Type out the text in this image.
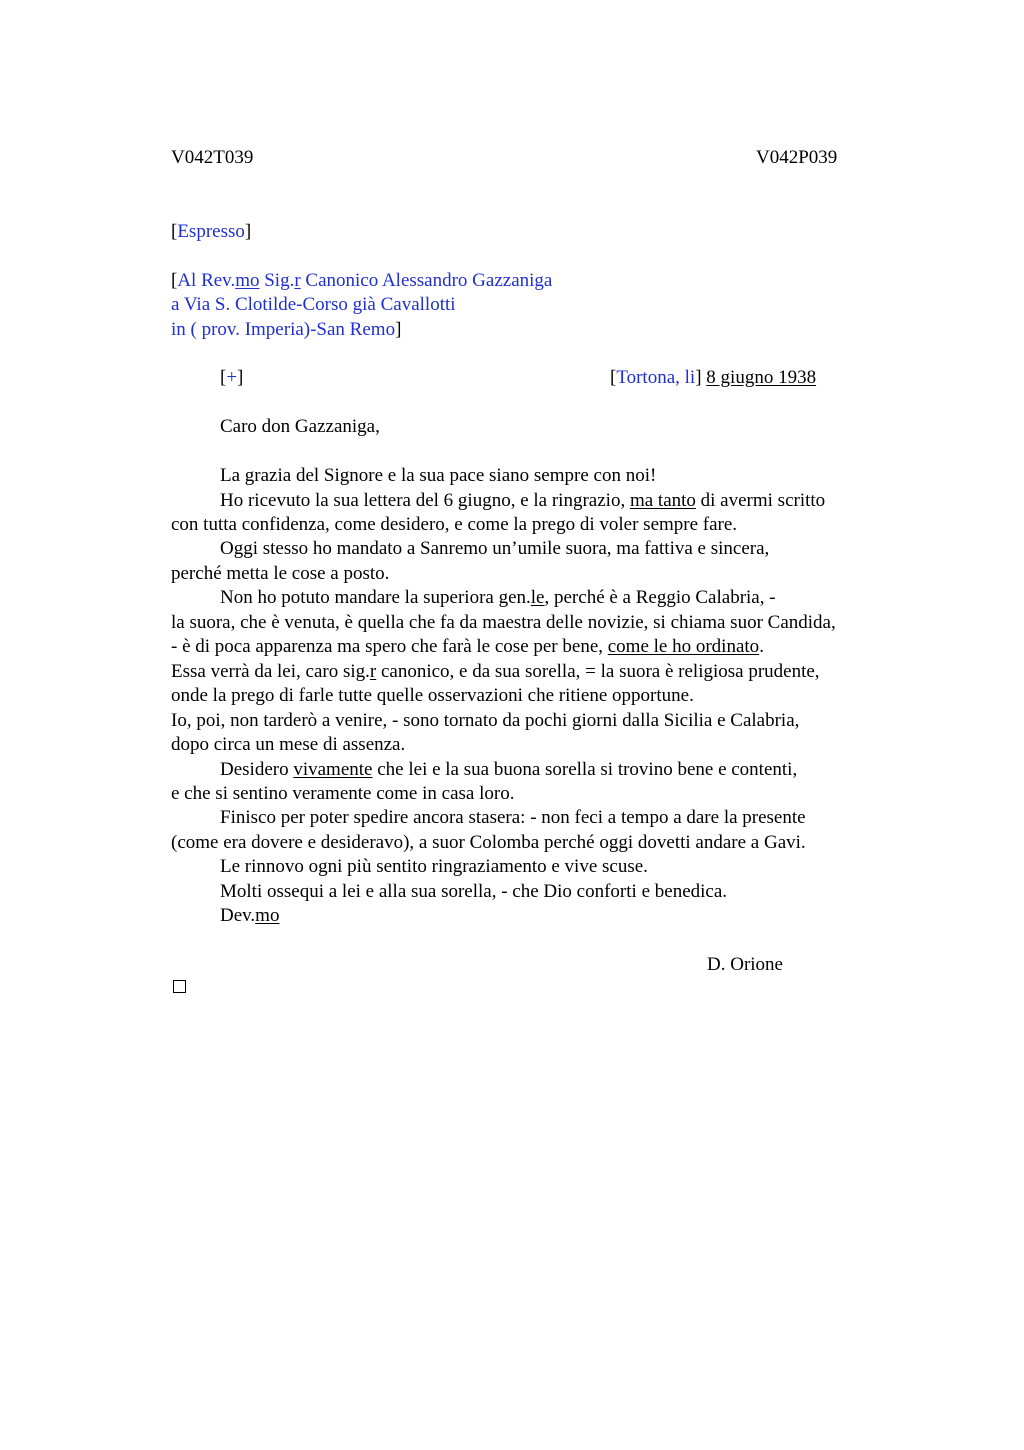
V042T039	V042P039
[Espresso]
[Al Rev.mo Sig.r Canonico Alessandro Gazzaniga
a Via S. Clotilde-Corso già Cavallotti
in ( prov. Imperia)-San Remo]
[+]	[Tortona, li] 8 giugno 1938
Caro don Gazzaniga,
La grazia del Signore e la sua pace siano sempre con noi!
Ho ricevuto la sua lettera del 6 giugno, e la ringrazio, ma tanto di avermi scritto
con tutta confidenza, come desidero, e come la prego di voler sempre fare.
Oggi stesso ho mandato a Sanremo un’umile suora, ma fattiva e sincera,
perché metta le cose a posto.
Non ho potuto mandare la superiora gen.le, perché è a Reggio Calabria, -
la suora, che è venuta, è quella che fa da maestra delle novizie, si chiama suor Candida,
- è di poca apparenza ma spero che farà le cose per bene, come le ho ordinato.
Essa verrà da lei, caro sig.r canonico, e da sua sorella, = la suora è religiosa prudente,
onde la prego di farle tutte quelle osservazioni che ritiene opportune.
Io, poi, non tarderò a venire, - sono tornato da pochi giorni dalla Sicilia e Calabria,
dopo circa un mese di assenza.
Desidero vivamente che lei e la sua buona sorella si trovino bene e contenti,
e che si sentino veramente come in casa loro.
Finisco per poter spedire ancora stasera: - non feci a tempo a dare la presente
(come era dovere e desideravo), a suor Colomba perché oggi dovetti andare a Gavi.
Le rinnovo ogni più sentito ringraziamento e vive scuse.
Molti ossequi a lei e alla sua sorella, - che Dio conforti e benedica.
Dev.mo
D. Orione
